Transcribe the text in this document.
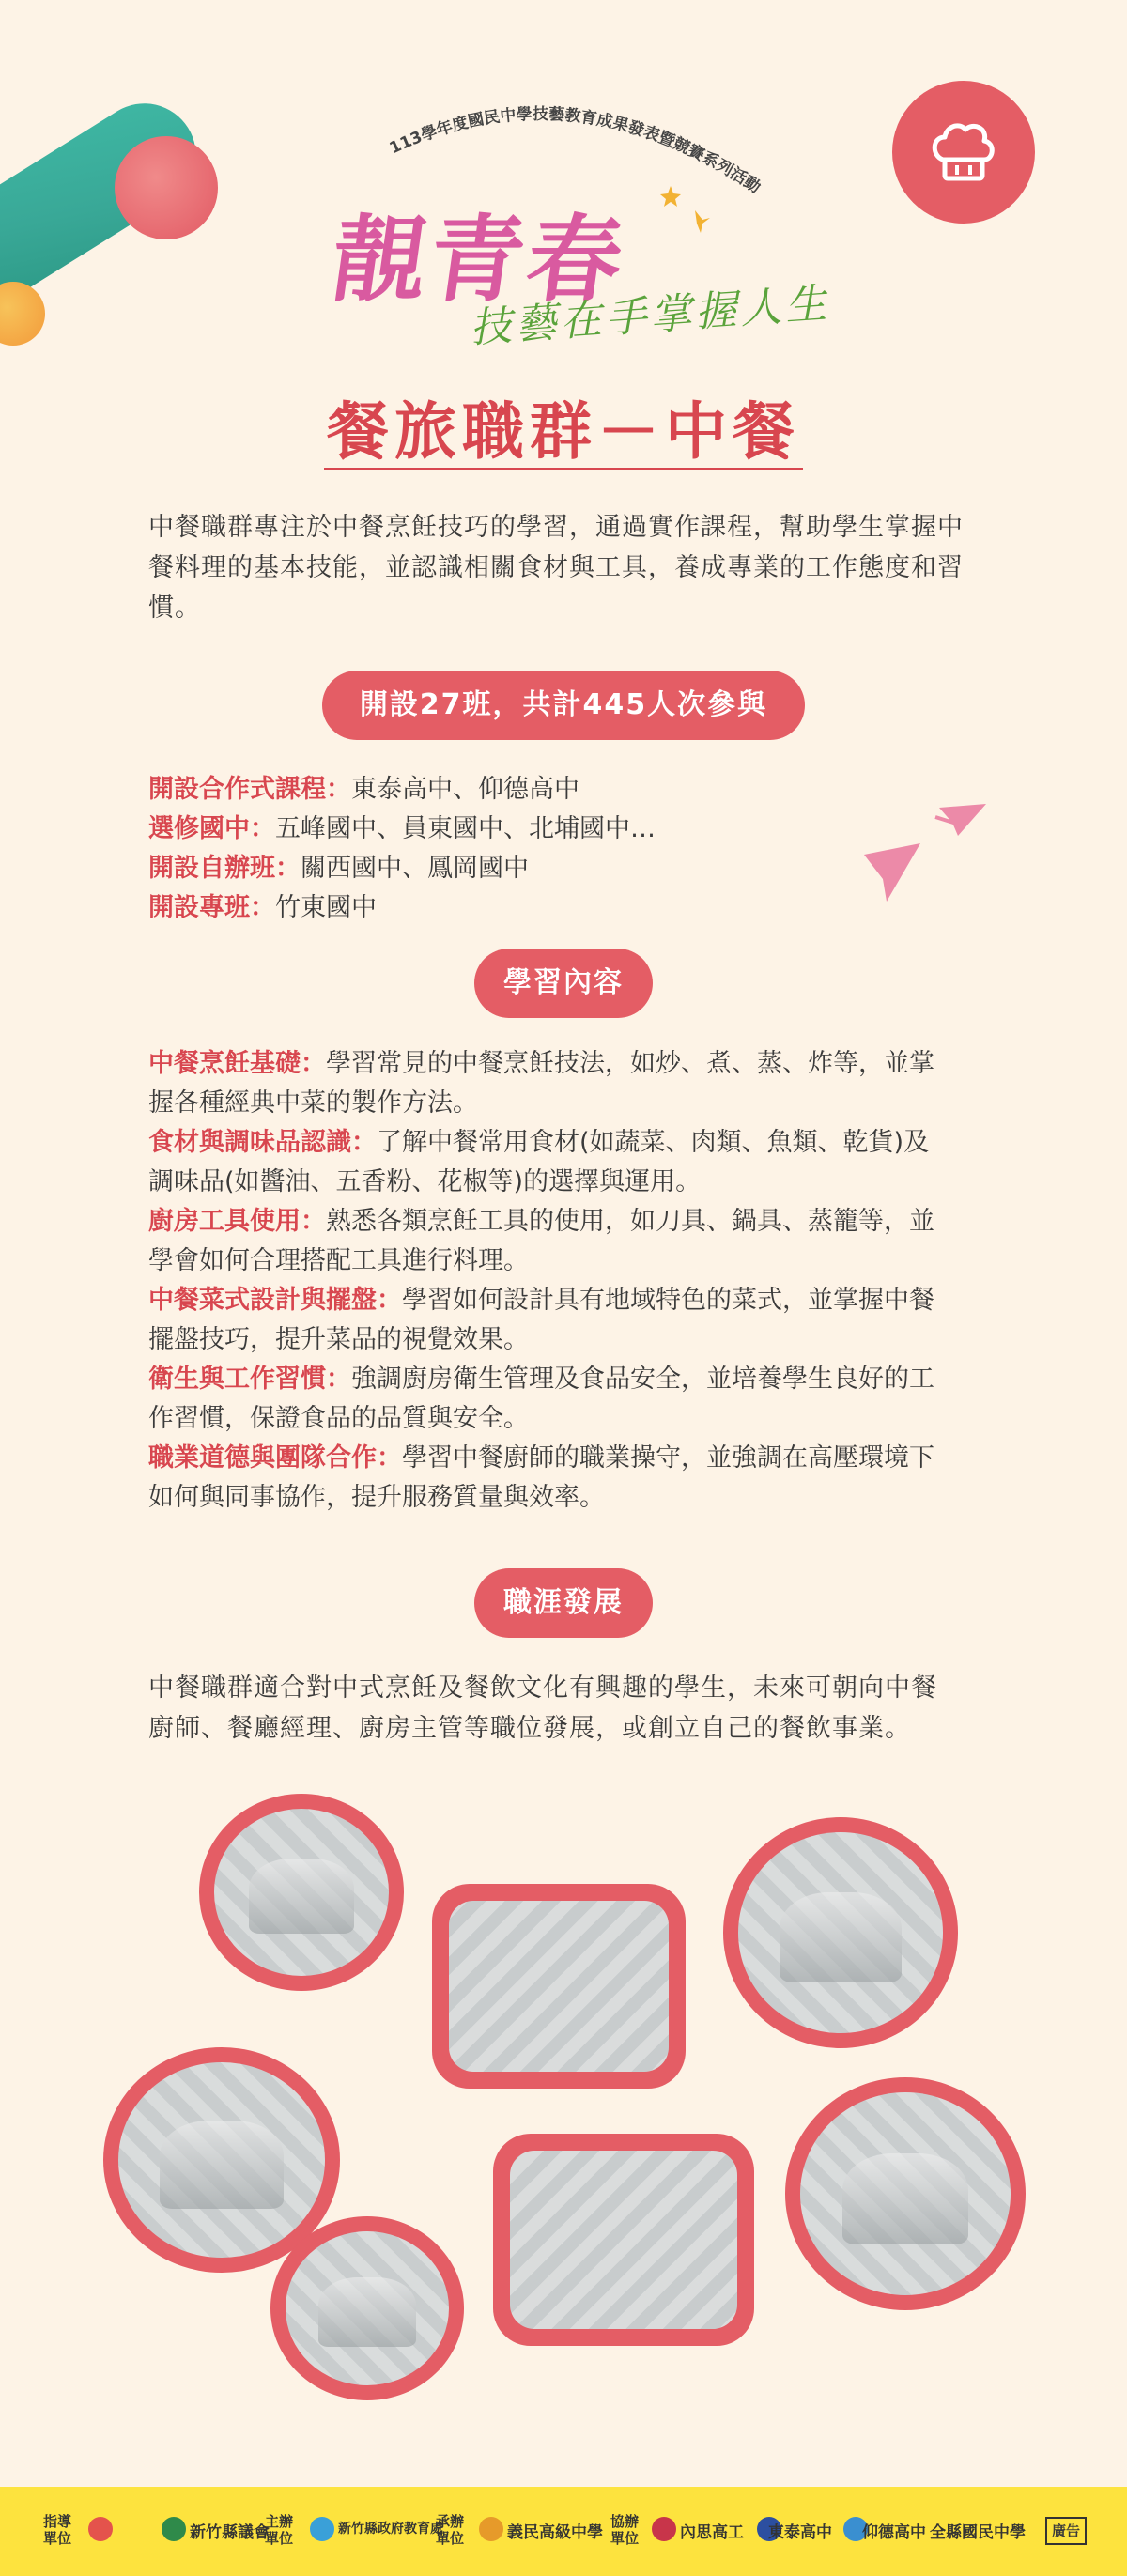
113學年度國民中學技藝教育成果發表暨競賽系列活動
靚青春
技藝在手掌握人生
餐旅職群－中餐
中餐職群專注於中餐烹飪技巧的學習，通過實作課程，幫助學生掌握中餐料理的基本技能，並認識相關食材與工具，養成專業的工作態度和習慣。
開設27班，共計445人次參與
開設合作式課程：東泰高中、仰德高中
選修國中：五峰國中、員東國中、北埔國中…
開設自辦班：關西國中、鳳岡國中
開設專班：竹東國中
學習內容
中餐烹飪基礎：學習常見的中餐烹飪技法，如炒、煮、蒸、炸等，並掌
握各種經典中菜的製作方法。
食材與調味品認識：了解中餐常用食材(如蔬菜、肉類、魚類、乾貨)及
調味品(如醬油、五香粉、花椒等)的選擇與運用。
廚房工具使用：熟悉各類烹飪工具的使用，如刀具、鍋具、蒸籠等，並
學會如何合理搭配工具進行料理。
中餐菜式設計與擺盤：學習如何設計具有地域特色的菜式，並掌握中餐
擺盤技巧，提升菜品的視覺效果。
衛生與工作習慣：強調廚房衛生管理及食品安全，並培養學生良好的工
作習慣，保證食品的品質與安全。
職業道德與團隊合作：學習中餐廚師的職業操守，並強調在高壓環境下
如何與同事協作，提升服務質量與效率。
職涯發展
中餐職群適合對中式烹飪及餐飲文化有興趣的學生，未來可朝向中餐
廚師、餐廳經理、廚房主管等職位發展，或創立自己的餐飲事業。
指導
單位	新竹縣議會
主辦
單位
新竹縣政府教育處
承辦
單位	義民高級中學
協辦
單位	內思高工 東泰高中 仰德高中 全縣國民中學	廣告
